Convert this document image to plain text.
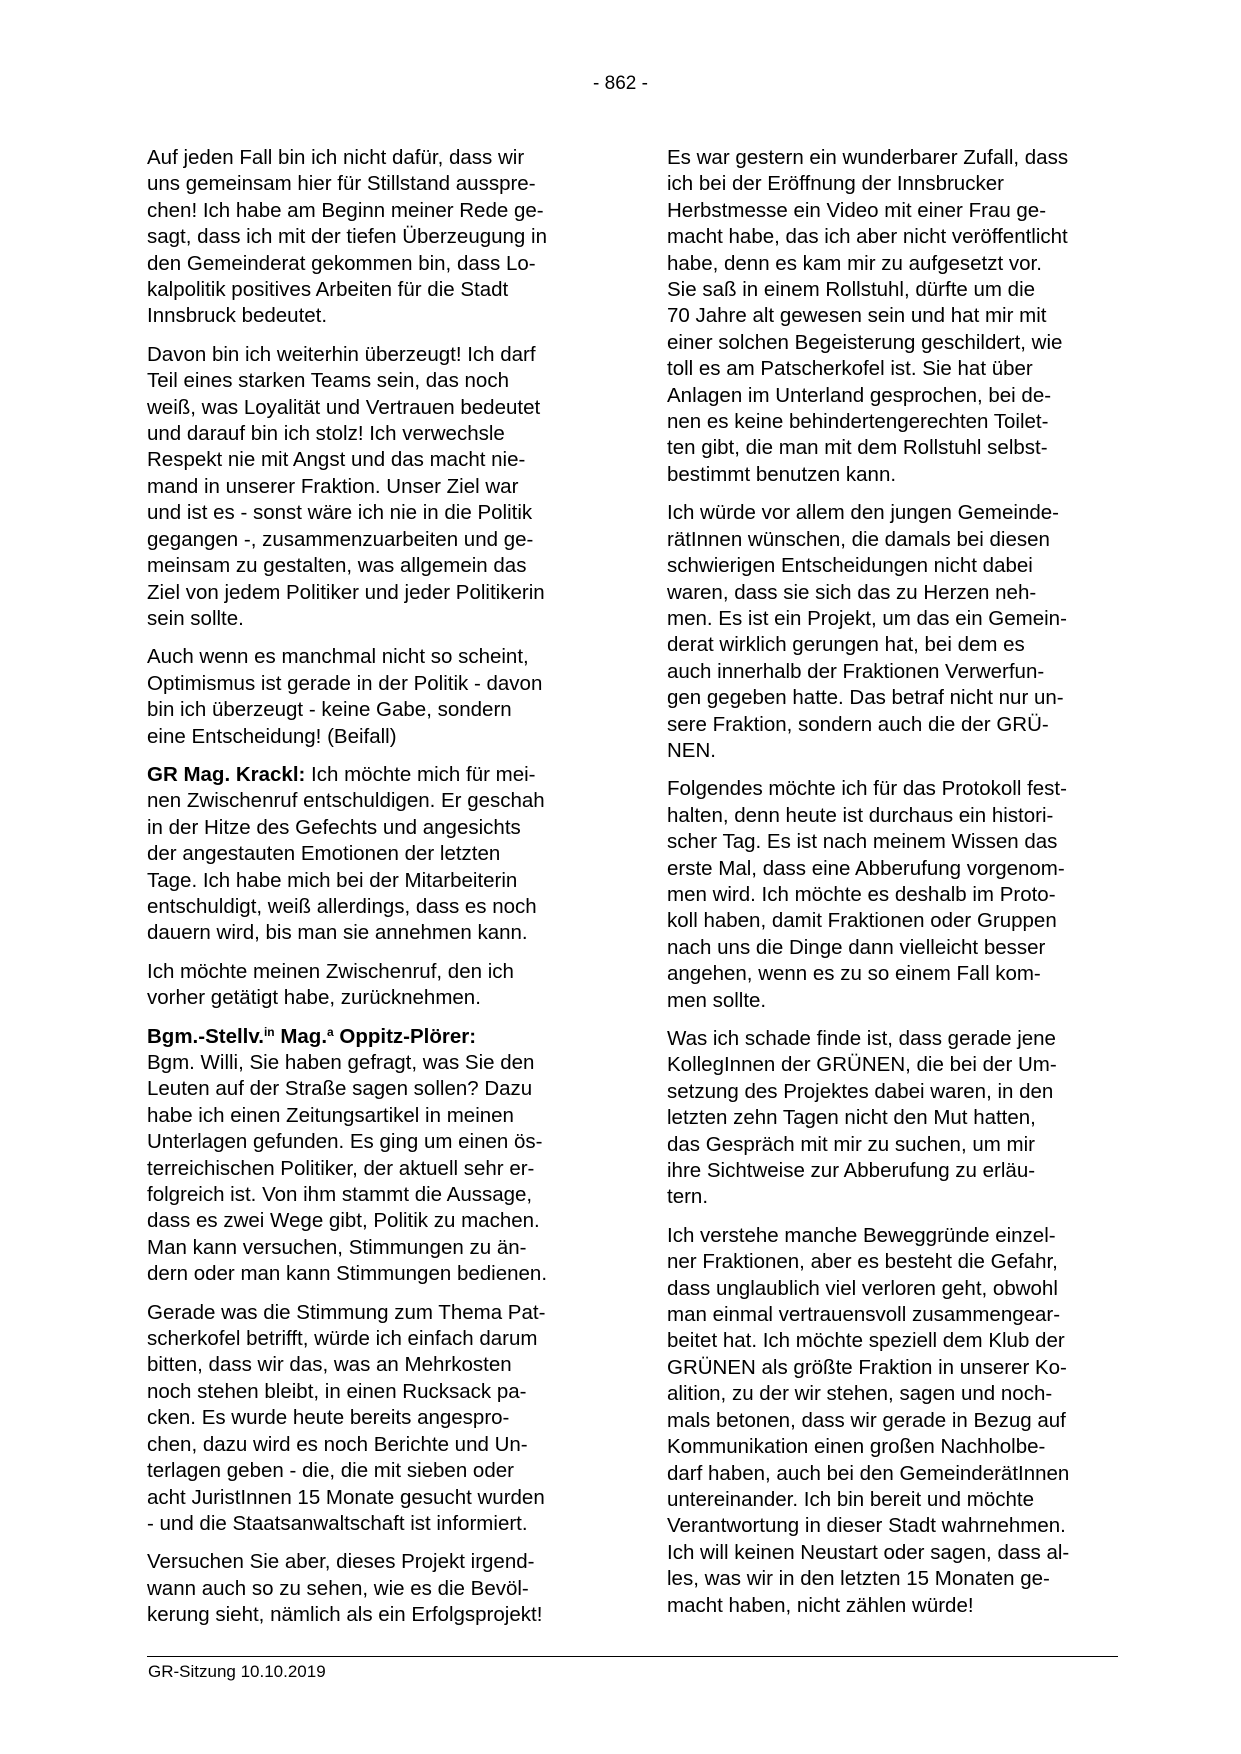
- 862 -
Auf jeden Fall bin ich nicht dafür, dass wir
uns gemeinsam hier für Stillstand ausspre-
chen! Ich habe am Beginn meiner Rede ge-
sagt, dass ich mit der tiefen Überzeugung in
den Gemeinderat gekommen bin, dass Lo-
kalpolitik positives Arbeiten für die Stadt
Innsbruck bedeutet.
Davon bin ich weiterhin überzeugt! Ich darf
Teil eines starken Teams sein, das noch
weiß, was Loyalität und Vertrauen bedeutet
und darauf bin ich stolz! Ich verwechsle
Respekt nie mit Angst und das macht nie-
mand in unserer Fraktion. Unser Ziel war
und ist es - sonst wäre ich nie in die Politik
gegangen -, zusammenzuarbeiten und ge-
meinsam zu gestalten, was allgemein das
Ziel von jedem Politiker und jeder Politikerin
sein sollte.
Auch wenn es manchmal nicht so scheint,
Optimismus ist gerade in der Politik - davon
bin ich überzeugt - keine Gabe, sondern
eine Entscheidung! (Beifall)
GR Mag. Krackl: Ich möchte mich für mei-
nen Zwischenruf entschuldigen. Er geschah
in der Hitze des Gefechts und angesichts
der angestauten Emotionen der letzten
Tage. Ich habe mich bei der Mitarbeiterin
entschuldigt, weiß allerdings, dass es noch
dauern wird, bis man sie annehmen kann.
Ich möchte meinen Zwischenruf, den ich
vorher getätigt habe, zurücknehmen.
Bgm.-Stellv.$^{in}$ Mag.$^a$ Oppitz-Plörer:
Bgm. Willi, Sie haben gefragt, was Sie den
Leuten auf der Straße sagen sollen? Dazu
habe ich einen Zeitungsartikel in meinen
Unterlagen gefunden. Es ging um einen ös-
terreichischen Politiker, der aktuell sehr er-
folgreich ist. Von ihm stammt die Aussage,
dass es zwei Wege gibt, Politik zu machen.
Man kann versuchen, Stimmungen zu än-
dern oder man kann Stimmungen bedienen.
Gerade was die Stimmung zum Thema Pat-
scherkofel betrifft, würde ich einfach darum
bitten, dass wir das, was an Mehrkosten
noch stehen bleibt, in einen Rucksack pa-
cken. Es wurde heute bereits angespro-
chen, dazu wird es noch Berichte und Un-
terlagen geben - die, die mit sieben oder
acht JuristInnen 15 Monate gesucht wurden
- und die Staatsanwaltschaft ist informiert.
Versuchen Sie aber, dieses Projekt irgend-
wann auch so zu sehen, wie es die Bevöl-
kerung sieht, nämlich als ein Erfolgsprojekt!
Es war gestern ein wunderbarer Zufall, dass
ich bei der Eröffnung der Innsbrucker
Herbstmesse ein Video mit einer Frau ge-
macht habe, das ich aber nicht veröffentlicht
habe, denn es kam mir zu aufgesetzt vor.
Sie saß in einem Rollstuhl, dürfte um die
70 Jahre alt gewesen sein und hat mir mit
einer solchen Begeisterung geschildert, wie
toll es am Patscherkofel ist. Sie hat über
Anlagen im Unterland gesprochen, bei de-
nen es keine behindertengerechten Toilet-
ten gibt, die man mit dem Rollstuhl selbst-
bestimmt benutzen kann.
Ich würde vor allem den jungen Gemeinde-
rätInnen wünschen, die damals bei diesen
schwierigen Entscheidungen nicht dabei
waren, dass sie sich das zu Herzen neh-
men. Es ist ein Projekt, um das ein Gemein-
derat wirklich gerungen hat, bei dem es
auch innerhalb der Fraktionen Verwerfun-
gen gegeben hatte. Das betraf nicht nur un-
sere Fraktion, sondern auch die der GRÜ-
NEN.
Folgendes möchte ich für das Protokoll fest-
halten, denn heute ist durchaus ein histori-
scher Tag. Es ist nach meinem Wissen das
erste Mal, dass eine Abberufung vorgenom-
men wird. Ich möchte es deshalb im Proto-
koll haben, damit Fraktionen oder Gruppen
nach uns die Dinge dann vielleicht besser
angehen, wenn es zu so einem Fall kom-
men sollte.
Was ich schade finde ist, dass gerade jene
KollegInnen der GRÜNEN, die bei der Um-
setzung des Projektes dabei waren, in den
letzten zehn Tagen nicht den Mut hatten,
das Gespräch mit mir zu suchen, um mir
ihre Sichtweise zur Abberufung zu erläu-
tern.
Ich verstehe manche Beweggründe einzel-
ner Fraktionen, aber es besteht die Gefahr,
dass unglaublich viel verloren geht, obwohl
man einmal vertrauensvoll zusammengear-
beitet hat. Ich möchte speziell dem Klub der
GRÜNEN als größte Fraktion in unserer Ko-
alition, zu der wir stehen, sagen und noch-
mals betonen, dass wir gerade in Bezug auf
Kommunikation einen großen Nachholbe-
darf haben, auch bei den GemeinderätInnen
untereinander. Ich bin bereit und möchte
Verantwortung in dieser Stadt wahrnehmen.
Ich will keinen Neustart oder sagen, dass al-
les, was wir in den letzten 15 Monaten ge-
macht haben, nicht zählen würde!
GR-Sitzung 10.10.2019
